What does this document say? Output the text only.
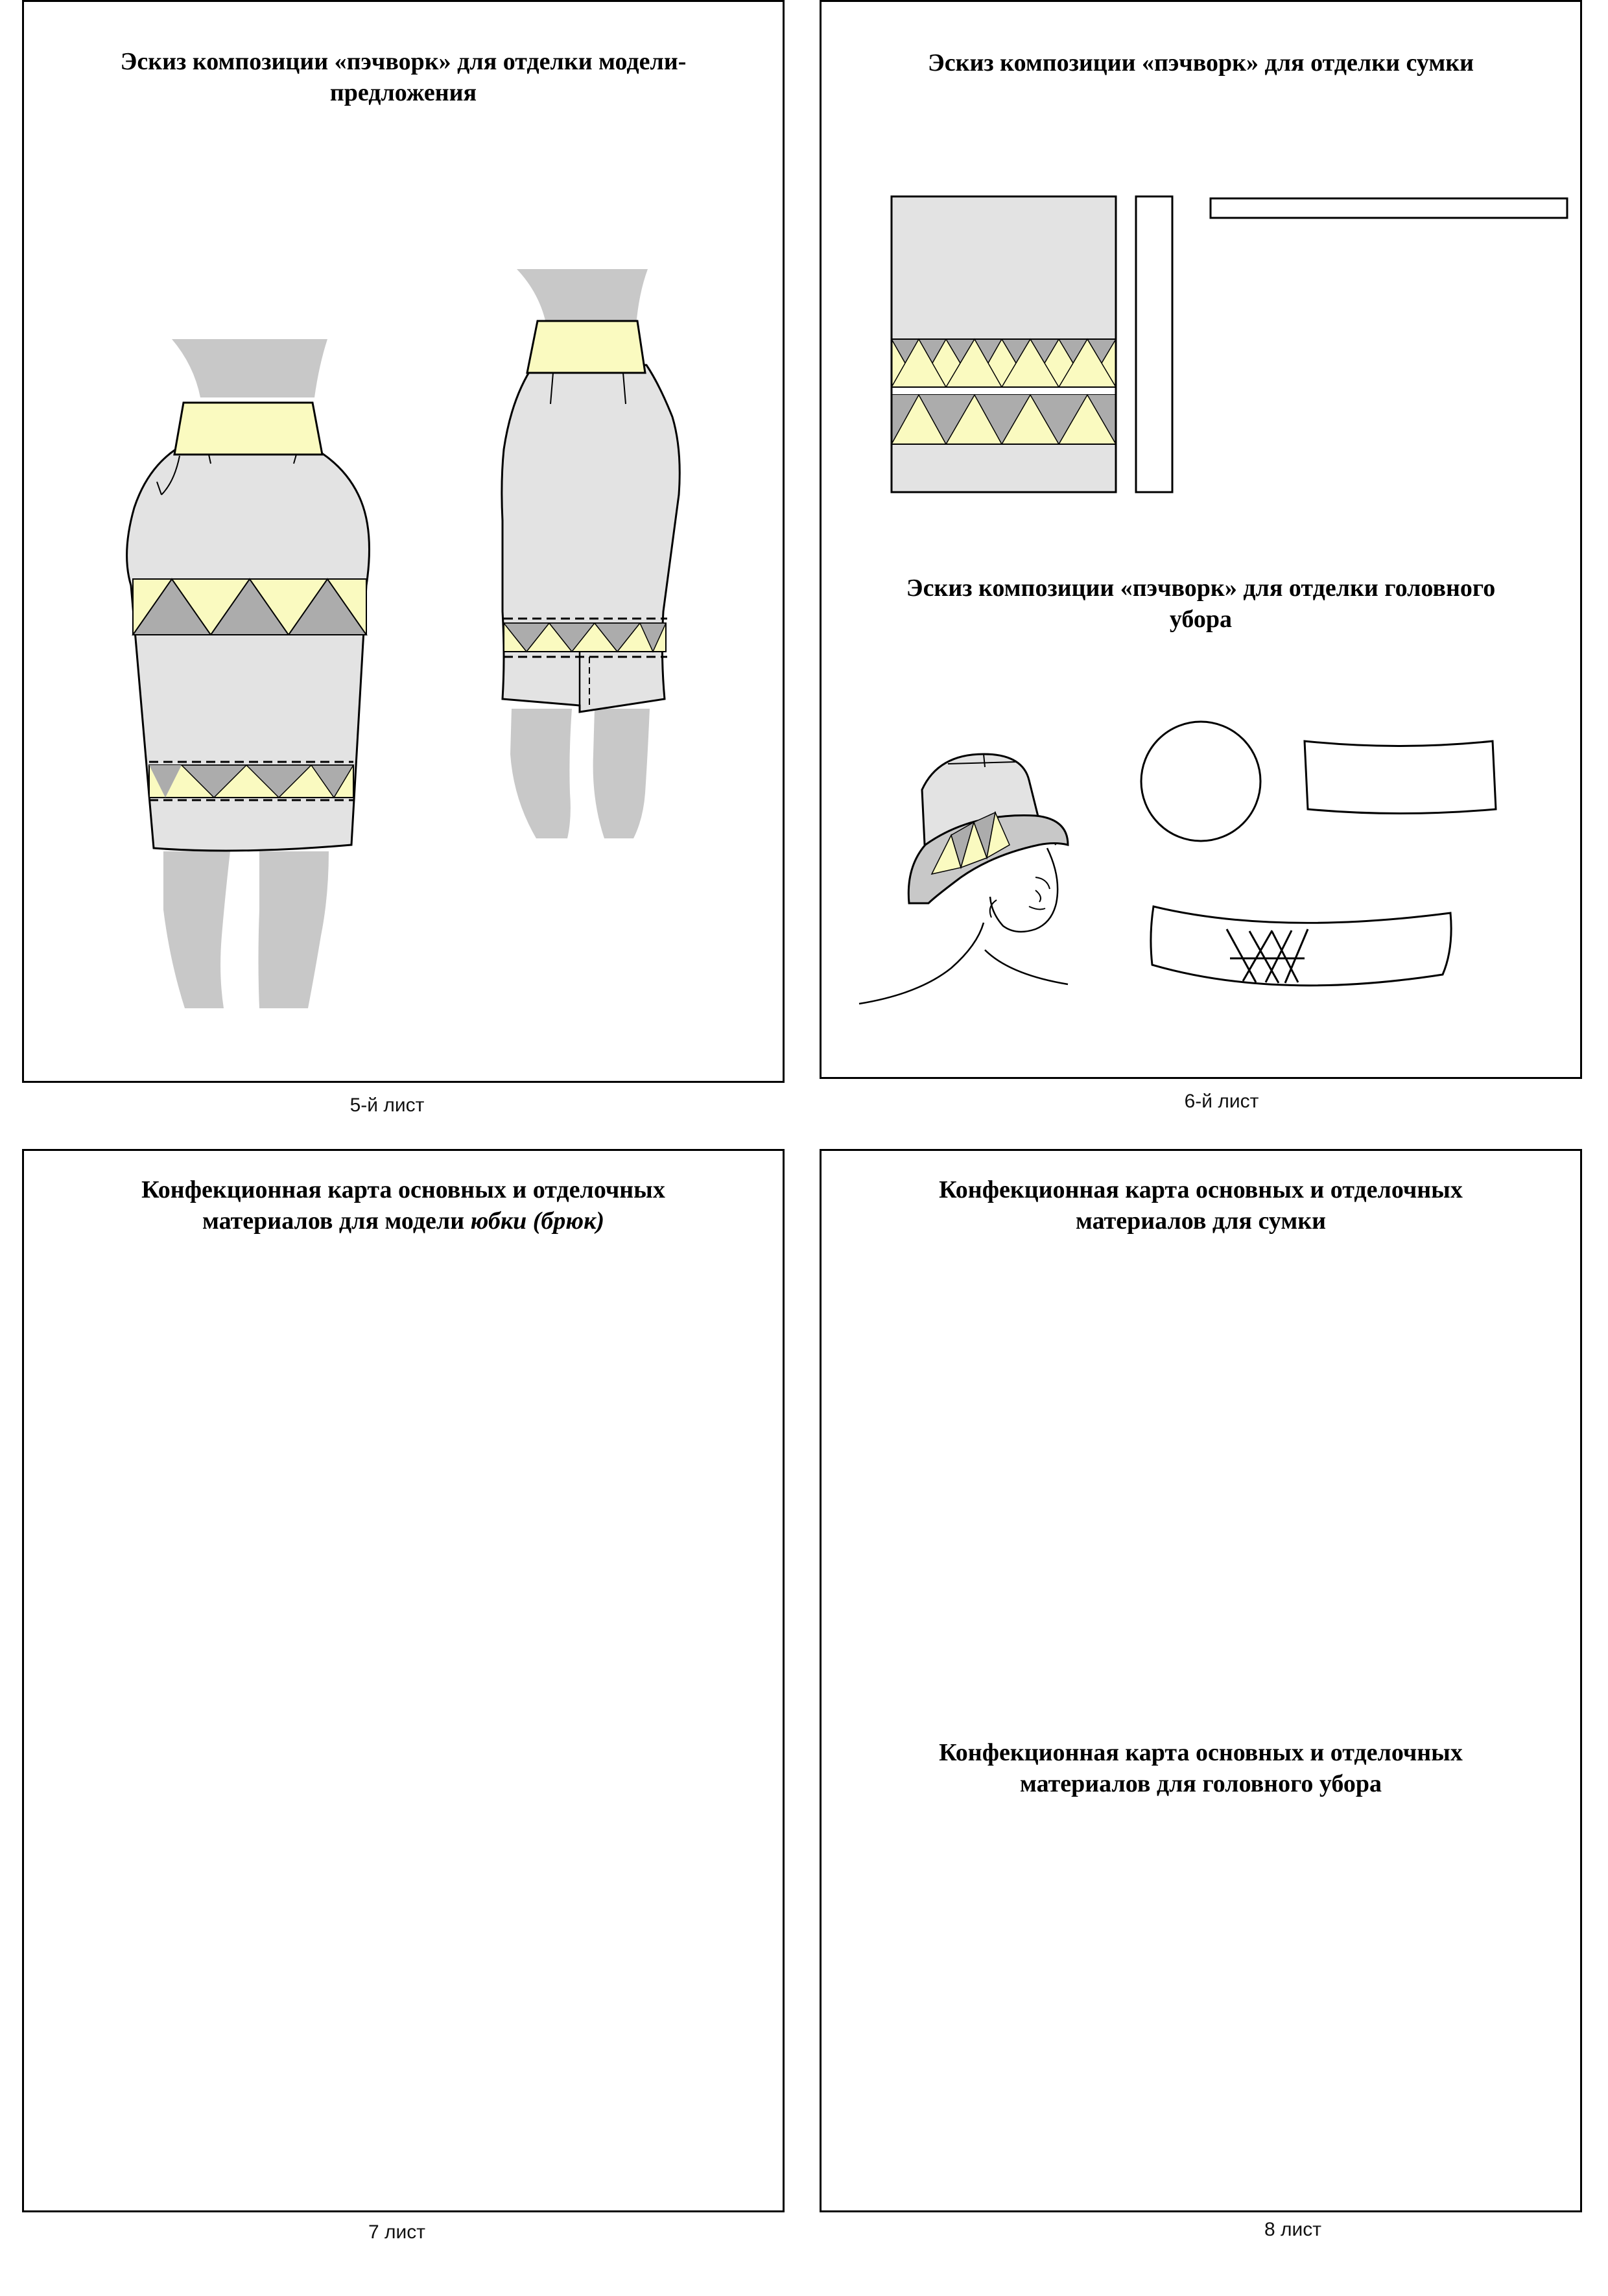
Эскиз композиции «пэчворк» для отделки модели-
предложения
5-й лист
Эскиз композиции «пэчворк» для отделки сумки
Эскиз композиции «пэчворк» для отделки головного
убора
6-й лист
Конфекционная карта основных и отделочных
материалов для модели юбки (брюк)
7 лист
Конфекционная карта основных и отделочных
материалов для сумки
Конфекционная карта основных и отделочных
материалов для головного убора
8 лист
